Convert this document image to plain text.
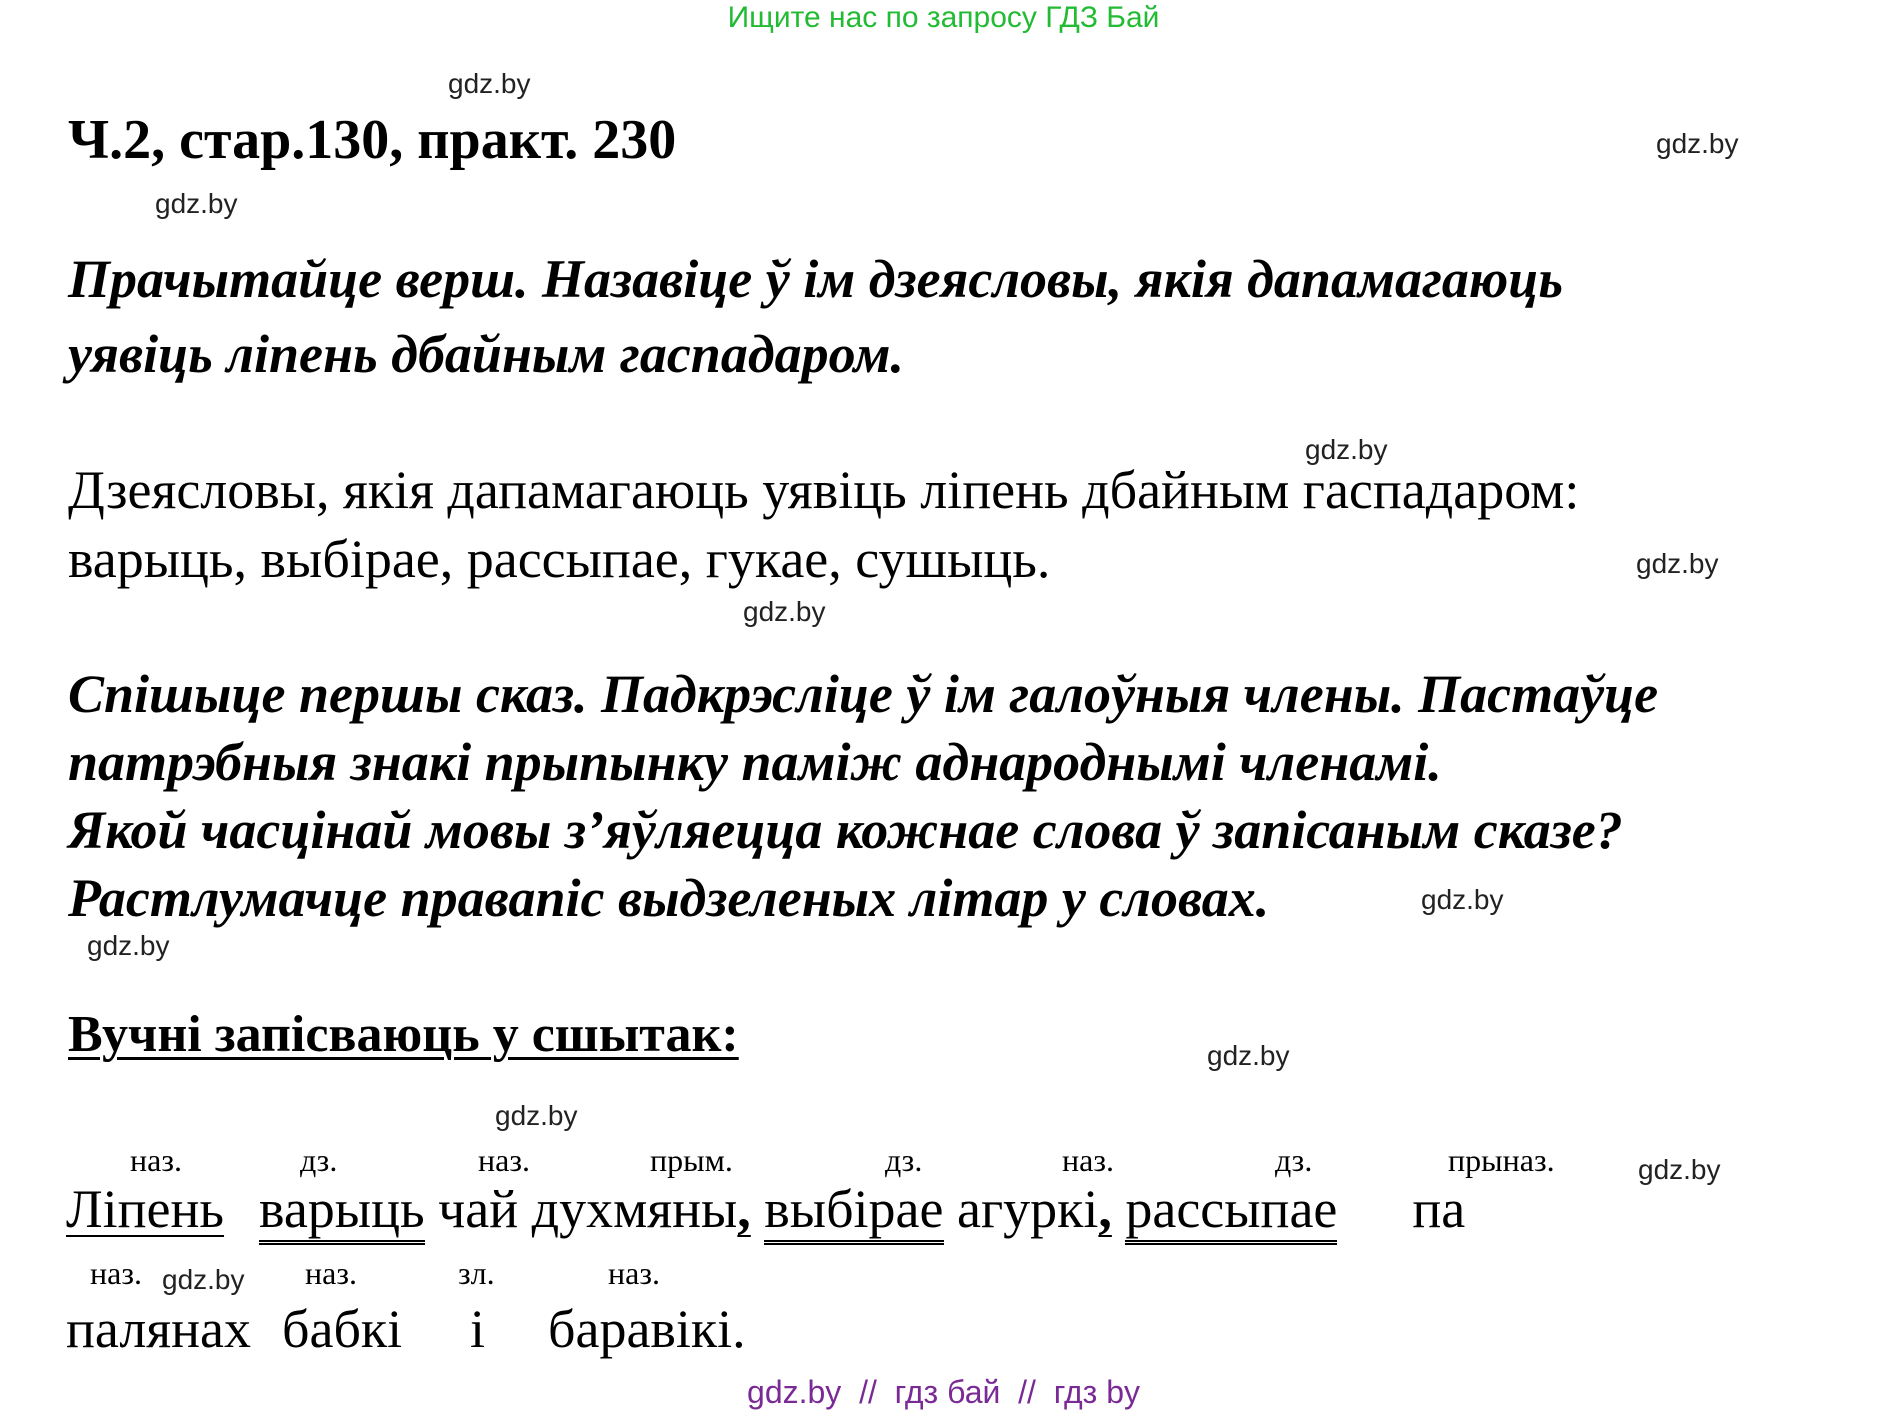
Ищите нас по запросу ГДЗ Бай
gdz.by
gdz.by
gdz.by
gdz.by
gdz.by
gdz.by
gdz.by
gdz.by
gdz.by
gdz.by
gdz.by
gdz.by
Ч.2, стар.130, практ. 230
Прачытайце верш. Назавіце ў ім дзеясловы, якія дапамагаюць
уявіць ліпень дбайным гаспадаром.
Дзеясловы, якія дапамагаюць уявіць ліпень дбайным гаспадаром:
варыць, выбірае, рассыпае, гукае, сушыць.
Спішыце першы сказ. Падкрэсліце ў ім галоўныя члены. Пастаўце
патрэбныя знакі прыпынку паміж аднароднымі членамі.
Якой часцінай мовы з’яўляецца кожнае слова ў запісаным сказе?
Растлумачце правапіс выдзеленых літар у словах.
Вучні запісваюць у сшытак:
наз.	дз.	наз.	прым.	дз.	наз.	дз.	прыназ.
Ліпень варыць чай духмяны, выбірае агуркі, рассыпае па
наз.	наз.	зл.	наз.
палянах бабкі і баравікі.
gdz.by  //  гдз бай  //  гдз by
